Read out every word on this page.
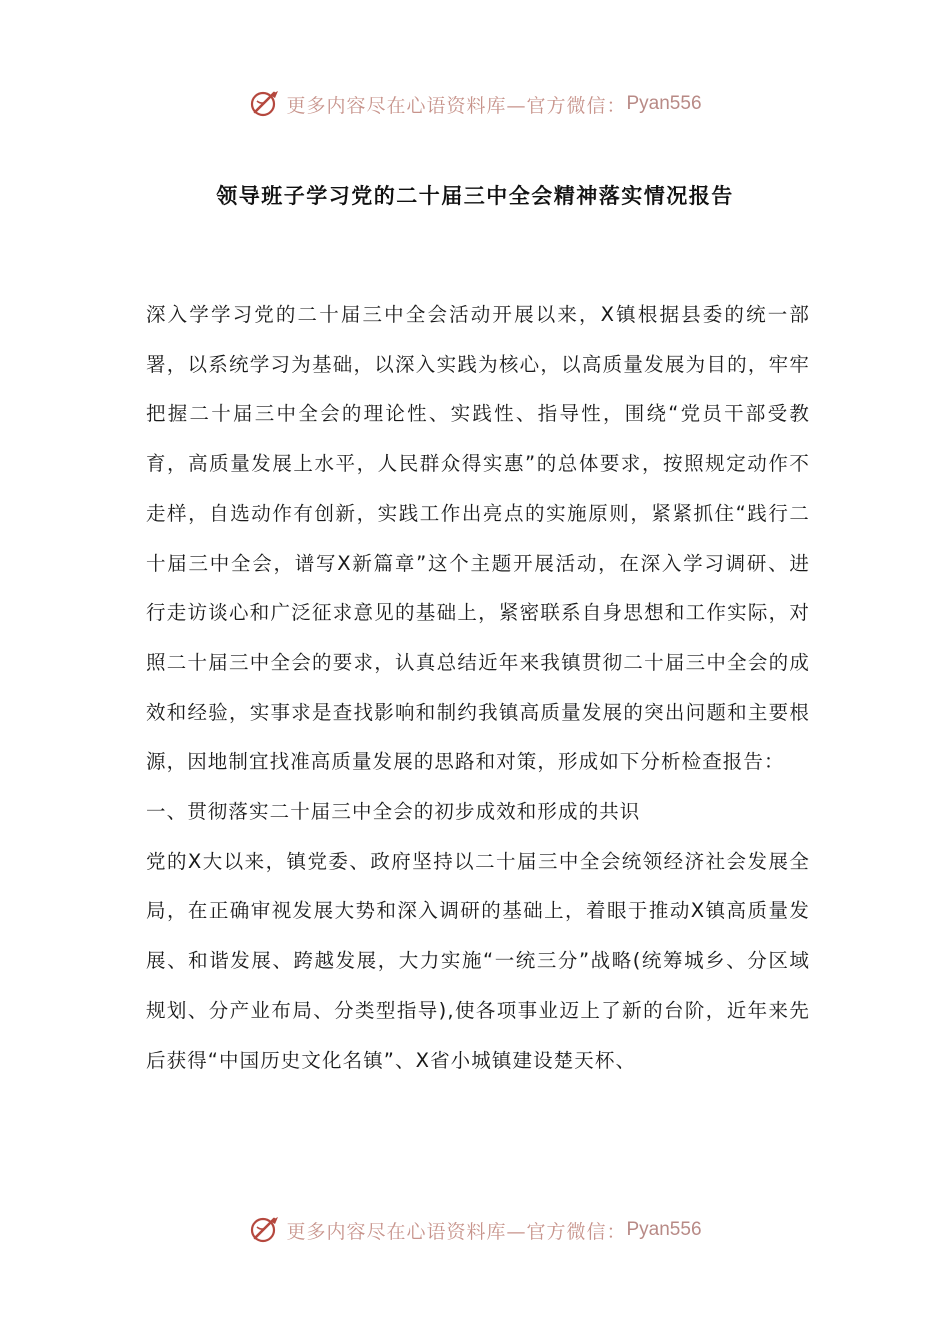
更多内容尽在心语资料库—官方微信： Pyan556
领导班子学习党的二十届三中全会精神落实情况报告

深入学学习党的二十届三中全会活动开展以来，X镇根据县委的统一部署，以系统学习为基础，以深入实践为核心，以高质量发展为目的，牢牢把握二十届三中全会的理论性、实践性、指导性，围绕“党员干部受教育，高质量发展上水平，人民群众得实惠”的总体要求，按照规定动作不走样，自选动作有创新，实践工作出亮点的实施原则，紧紧抓住“践行二十届三中全会，谱写X新篇章”这个主题开展活动，在深入学习调研、进行走访谈心和广泛征求意见的基础上，紧密联系自身思想和工作实际，对照二十届三中全会的要求，认真总结近年来我镇贯彻二十届三中全会的成效和经验，实事求是查找影响和制约我镇高质量发展的突出问题和主要根源，因地制宜找准高质量发展的思路和对策，形成如下分析检查报告：

一、贯彻落实二十届三中全会的初步成效和形成的共识

党的X大以来，镇党委、政府坚持以二十届三中全会统领经济社会发展全局，在正确审视发展大势和深入调研的基础上，着眼于推动X镇高质量发展、和谐发展、跨越发展，大力实施“一统三分”战略(统筹城乡、分区域规划、分产业布局、分类型指导),使各项事业迈上了新的台阶，近年来先后获得“中国历史文化名镇”、X省小城镇建设楚天杯、

更多内容尽在心语资料库—官方微信： Pyan556
